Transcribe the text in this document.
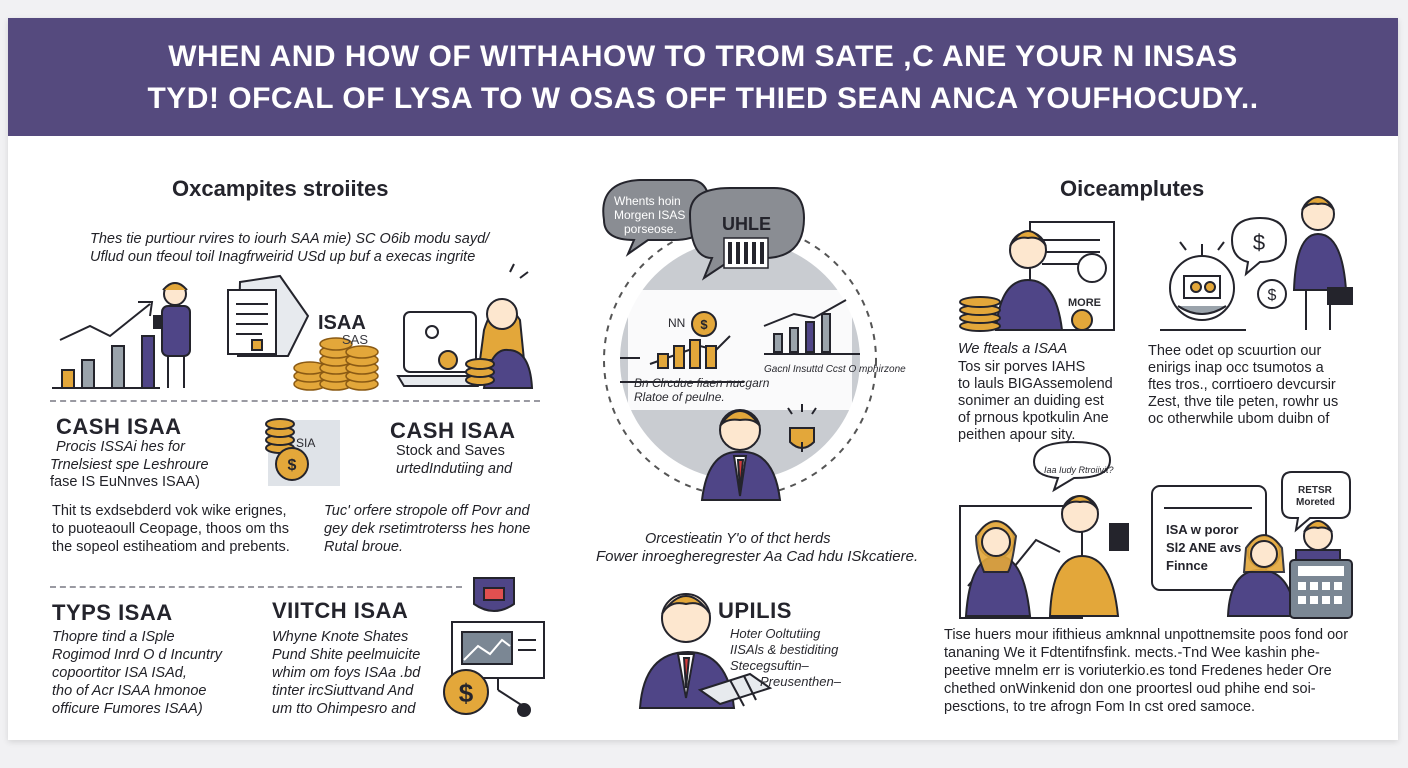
WHEN AND HOW OF WITHAHOW TO TROM SATE ,C ANE YOUR N INSAS
TYD! OFCAL OF LYSA TO W OSAS OFF THIED SEAN ANCA YOUFHOCUDY..
$
$
$
$
$
Oxcampites stroiites
Thes tie purtiour rvires to iourh SAA mie) SC O6ib modu sayd/
Uflud oun tfeoul toil Inagfrweirid USd up buf a execas ingrite
ISAA
SAS
CASH ISAA
Procis ISSAi hes for
Trnelsiest spe Leshroure
fase IS EuNnves ISAA)
SIA	CASH ISAA
Stock and Saves
urtedIndutiing and
Thit ts exdsebderd vok wike erignes,
to puoteaoull Ceopage, thoos om ths
the sopeol estiheatiom and prebents.
Tuc' orfere stropole off Povr and
gey dek rsetimtroterss hes hone
Rutal broue.
TYPS ISAA
Thopre tind a ISple
Rogimod Inrd O d Incuntry
copoortitor ISA ISAd,
tho of Acr ISAA hmonoe
officure Fumores ISAA)
VIITCH ISAA
Whyne Knote Shates
Pund Shite peelmuicite
whim om foys ISAa .bd
tinter ircSiuttvand And
um tto Ohimpesro and
Whents hoin
Morgen ISAS
porseose.	UHLE
NN
Bn Clrcdue fiaen nucgarn
Rlatoe of peulne.
Gacnl Insuttd Ccst O mphirzone
Orcestieatin Y'o of thct herds
Fower inroegheregrester Aa Cad hdu ISkcatiere.
UPILIS
Hoter Ooltutiing
IISAls & bestiditing
Stecegsuftin–
Preusenthen–
Oiceamplutes
MORE
We fteals a ISAA
Tos sir porves IAHS
to lauls BIGAssemolend
sonimer an duiding est
of prnous kpotkulin Ane
peithen apour sity.
Thee odet op scuurtion our
enirigs inap occ tsumotos a
ftes tros., corrtioero devcursir
Zest, thve tile peten, rowhr us
oc otherwhile ubom duibn of
Iaa Iudy Rtroiivit?
RETSR
Moreted
ISA w poror
Sl2 ANE avs
Finnce
Tise huers mour ifithieus amknnal unpottnemsite poos fond oor
tananing We it Fdtentifnsfink. mects.-Tnd Wee kashin phe-
peetive mnelm err is voriuterkio.es tond Fredenes heder Ore
chethed onWinkenid don one proortesl oud phihe end soi-
pesctions, to tre afrogn Fom In cst ored samoce.
